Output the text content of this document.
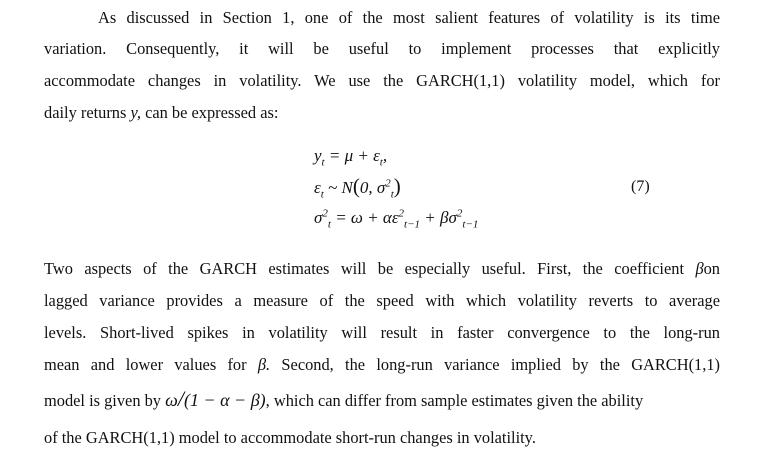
As discussed in Section 1, one of the most salient features of volatility is its time
variation. Consequently, it will be useful to implement processes that explicitly
accommodate changes in volatility. We use the GARCH(1,1) volatility model, which for
daily returns y, can be expressed as:
$y_t = \mu + \varepsilon_t$,
$\varepsilon_t$ ~ N(0, $\sigma^2_t$)
$\sigma^2_t = \omega + \alpha\varepsilon^2_{t-1} + \beta\sigma^2_{t-1}$
(7)
Two aspects of the GARCH estimates will be especially useful. First, the coefficient βon
lagged variance provides a measure of the speed with which volatility reverts to average
levels. Short-lived spikes in volatility will result in faster convergence to the long-run
mean and lower values for β. Second, the long-run variance implied by the GARCH(1,1)
model is given by ω/(1 − α − β), which can differ from sample estimates given the ability
of the GARCH(1,1) model to accommodate short-run changes in volatility.
